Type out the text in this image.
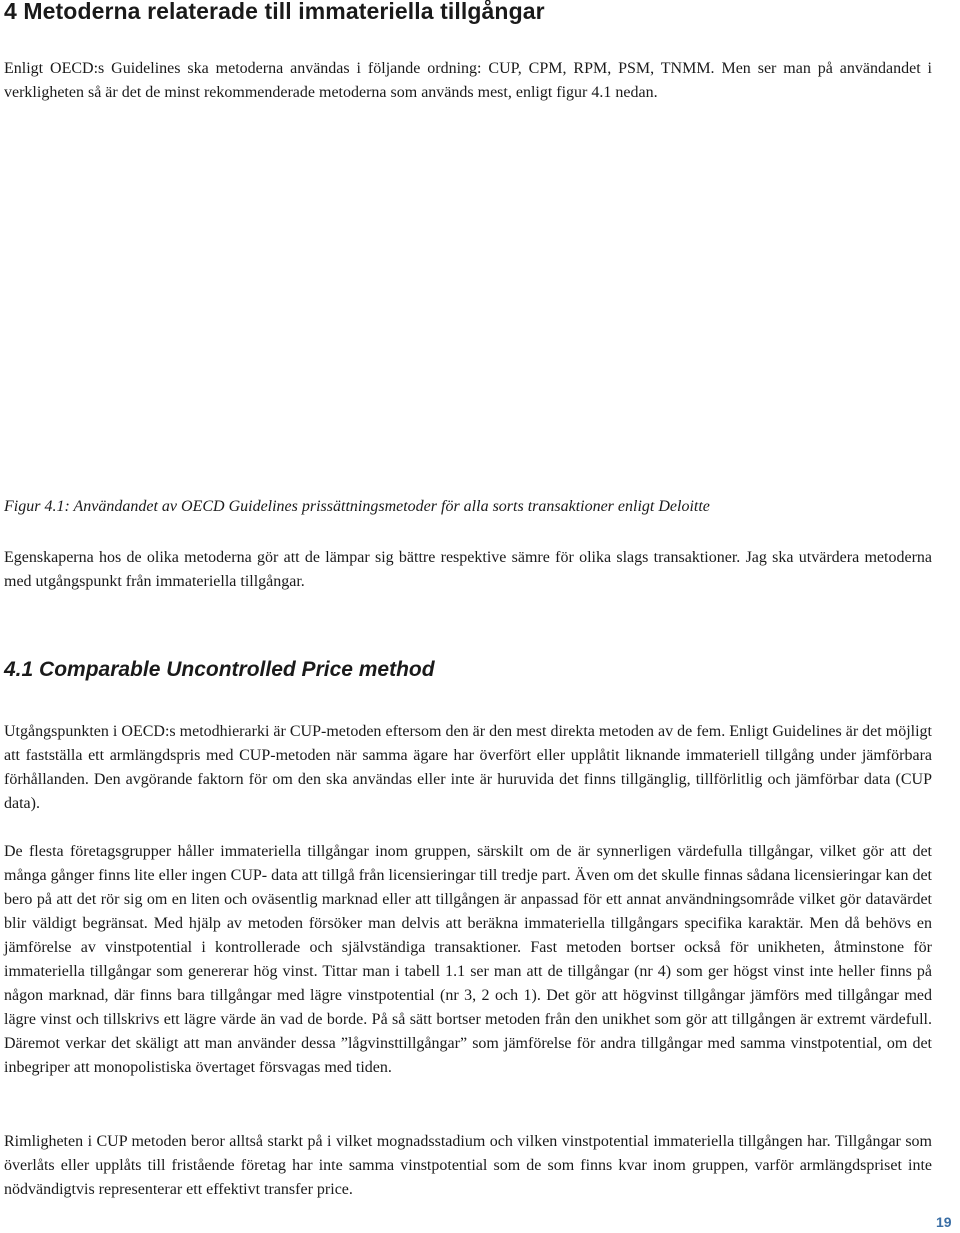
4 Metoderna relaterade till immateriella tillgångar

Enligt OECD:s Guidelines ska metoderna användas i följande ordning: CUP, CPM, RPM, PSM, TNMM. Men ser man på användandet i verkligheten så är det de minst rekommenderade metoderna som används mest, enligt figur 4.1 nedan.

Figur 4.1: Användandet av OECD Guidelines prissättningsmetoder för alla sorts transaktioner enligt Deloitte

Egenskaperna hos de olika metoderna gör att de lämpar sig bättre respektive sämre för olika slags transaktioner. Jag ska utvärdera metoderna med utgångspunkt från immateriella tillgångar.

4.1 Comparable Uncontrolled Price method

Utgångspunkten i OECD:s metodhierarki är CUP-metoden eftersom den är den mest direkta metoden av de fem. Enligt Guidelines är det möjligt att fastställa ett armlängdspris med CUP-metoden när samma ägare har överfört eller upplåtit liknande immateriell tillgång under jämförbara förhållanden. Den avgörande faktorn för om den ska användas eller inte är huruvida det finns tillgänglig, tillförlitlig och jämförbar data (CUP data).

De flesta företagsgrupper håller immateriella tillgångar inom gruppen, särskilt om de är synnerligen värdefulla tillgångar, vilket gör att det många gånger finns lite eller ingen CUP- data att tillgå från licensieringar till tredje part. Även om det skulle finnas sådana licensieringar kan det bero på att det rör sig om en liten och oväsentlig marknad eller att tillgången är anpassad för ett annat användningsområde vilket gör datavärdet blir väldigt begränsat. Med hjälp av metoden försöker man delvis att beräkna immateriella tillgångars specifika karaktär. Men då behövs en jämförelse av vinstpotential i kontrollerade och självständiga transaktioner. Fast metoden bortser också för unikheten, åtminstone för immateriella tillgångar som genererar hög vinst. Tittar man i tabell 1.1 ser man att de tillgångar (nr 4) som ger högst vinst inte heller finns på någon marknad, där finns bara tillgångar med lägre vinstpotential (nr 3, 2 och 1). Det gör att högvinst tillgångar jämförs med tillgångar med lägre vinst och tillskrivs ett lägre värde än vad de borde. På så sätt bortser metoden från den unikhet som gör att tillgången är extremt värdefull. Däremot verkar det skäligt att man använder dessa ”lågvinsttillgångar” som jämförelse för andra tillgångar med samma vinstpotential, om det inbegriper att monopolistiska övertaget försvagas med tiden.

Rimligheten i CUP metoden beror alltså starkt på i vilket mognadsstadium och vilken vinstpotential immateriella tillgången har. Tillgångar som överlåts eller upplåts till fristående företag har inte samma vinstpotential som de som finns kvar inom gruppen, varför armlängdspriset inte nödvändigtvis representerar ett effektivt transfer price.

19
